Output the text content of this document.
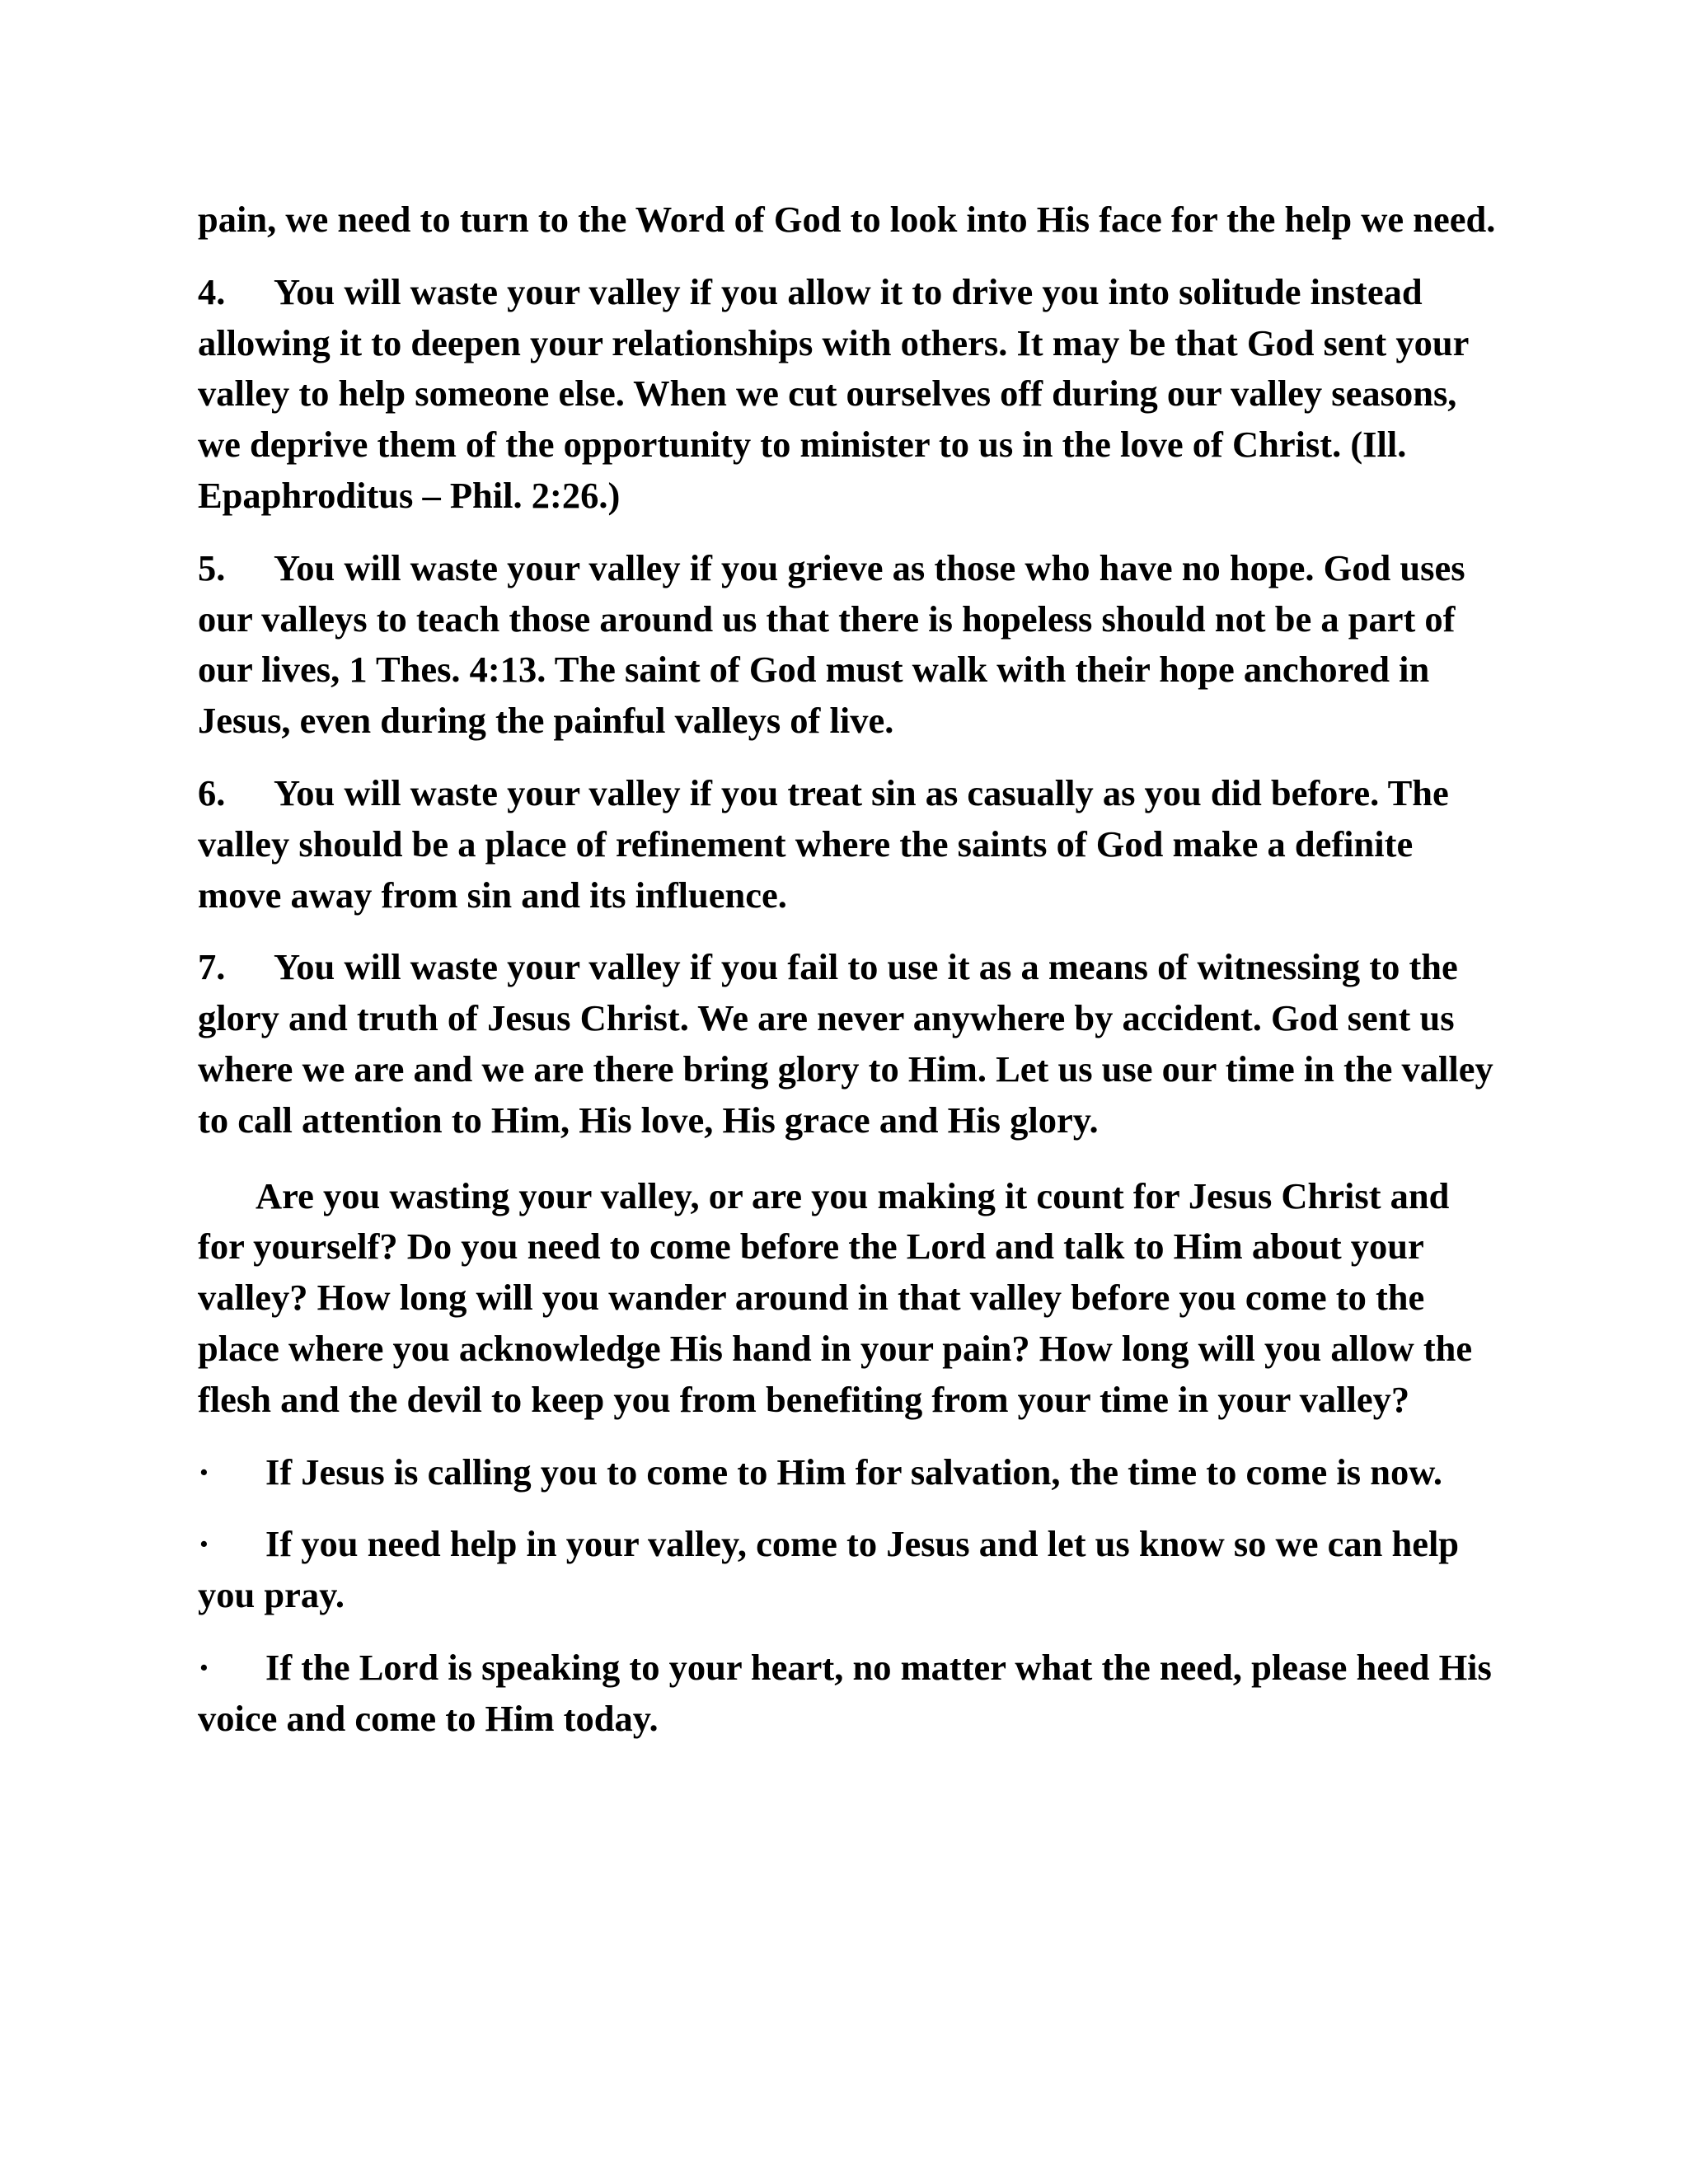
pain, we need to turn to the Word of God to look into His face for the help we need.

4. You will waste your valley if you allow it to drive you into solitude instead allowing it to deepen your relationships with others. It may be that God sent your valley to help someone else. When we cut ourselves off during our valley seasons, we deprive them of the opportunity to minister to us in the love of Christ. (Ill. Epaphroditus – Phil. 2:26.)

5. You will waste your valley if you grieve as those who have no hope. God uses our valleys to teach those around us that there is hopeless should not be a part of our lives, 1 Thes. 4:13. The saint of God must walk with their hope anchored in Jesus, even during the painful valleys of live.

6. You will waste your valley if you treat sin as casually as you did before. The valley should be a place of refinement where the saints of God make a definite move away from sin and its influence.

7. You will waste your valley if you fail to use it as a means of witnessing to the glory and truth of Jesus Christ. We are never anywhere by accident. God sent us where we are and we are there bring glory to Him. Let us use our time in the valley to call attention to Him, His love, His grace and His glory.

Are you wasting your valley, or are you making it count for Jesus Christ and for yourself? Do you need to come before the Lord and talk to Him about your valley? How long will you wander around in that valley before you come to the place where you acknowledge His hand in your pain? How long will you allow the flesh and the devil to keep you from benefiting from your time in your valley?

· If Jesus is calling you to come to Him for salvation, the time to come is now.

· If you need help in your valley, come to Jesus and let us know so we can help you pray.

· If the Lord is speaking to your heart, no matter what the need, please heed His voice and come to Him today.
